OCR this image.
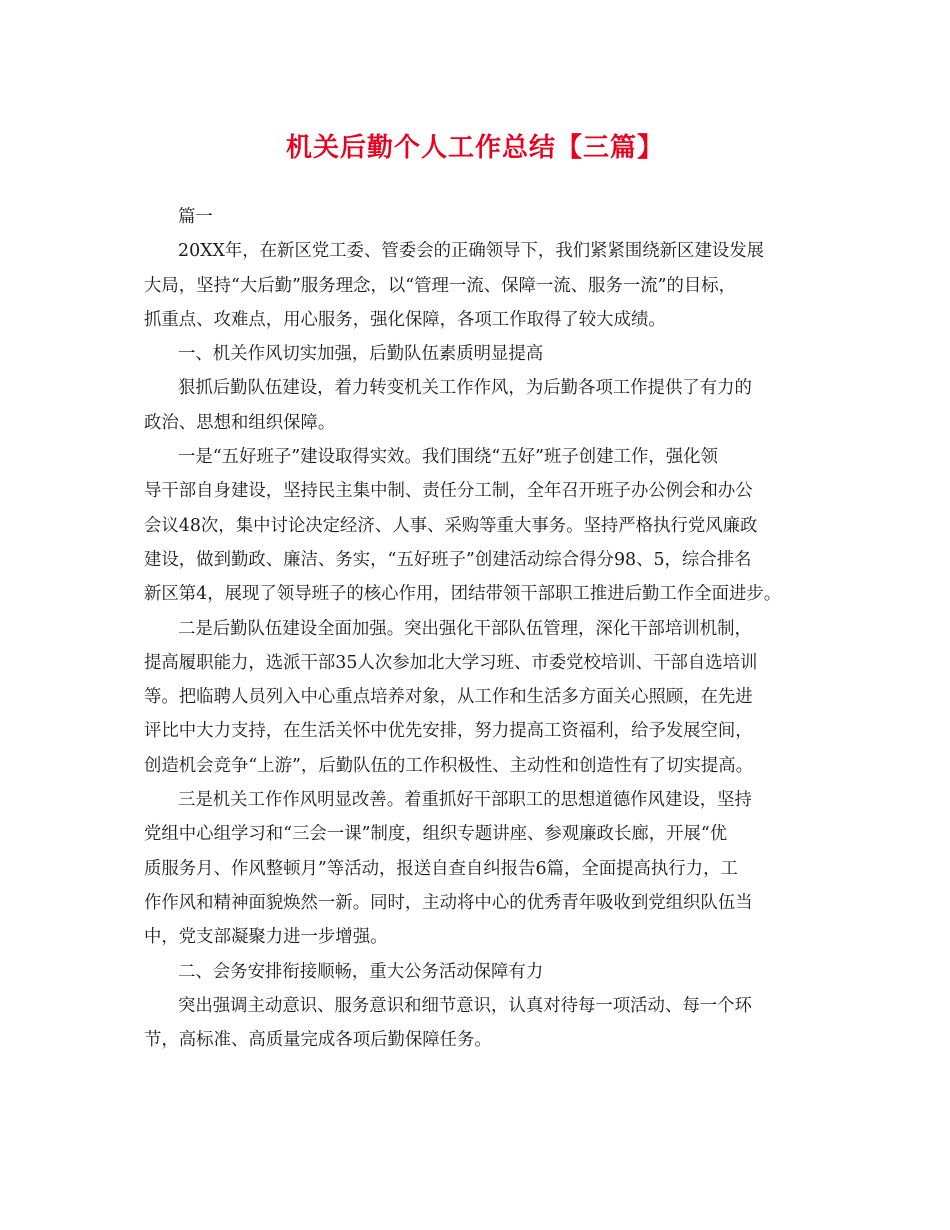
机关后勤个人工作总结【三篇】
篇一
20XX年，在新区党工委、管委会的正确领导下，我们紧紧围绕新区建设发展
大局，坚持“大后勤”服务理念，以“管理一流、保障一流、服务一流”的目标，
抓重点、攻难点，用心服务，强化保障，各项工作取得了较大成绩。
一、机关作风切实加强，后勤队伍素质明显提高
狠抓后勤队伍建设，着力转变机关工作作风，为后勤各项工作提供了有力的
政治、思想和组织保障。
一是“五好班子”建设取得实效。我们围绕“五好”班子创建工作，强化领
导干部自身建设，坚持民主集中制、责任分工制，全年召开班子办公例会和办公
会议48次，集中讨论决定经济、人事、采购等重大事务。坚持严格执行党风廉政
建设，做到勤政、廉洁、务实，“五好班子”创建活动综合得分98、5，综合排名
新区第4，展现了领导班子的核心作用，团结带领干部职工推进后勤工作全面进步。
二是后勤队伍建设全面加强。突出强化干部队伍管理，深化干部培训机制，
提高履职能力，选派干部35人次参加北大学习班、市委党校培训、干部自选培训
等。把临聘人员列入中心重点培养对象，从工作和生活多方面关心照顾，在先进
评比中大力支持，在生活关怀中优先安排，努力提高工资福利，给予发展空间，
创造机会竞争“上游”，后勤队伍的工作积极性、主动性和创造性有了切实提高。
三是机关工作作风明显改善。着重抓好干部职工的思想道德作风建设，坚持
党组中心组学习和“三会一课”制度，组织专题讲座、参观廉政长廊，开展“优
质服务月、作风整顿月”等活动，报送自查自纠报告6篇，全面提高执行力，工
作作风和精神面貌焕然一新。同时，主动将中心的优秀青年吸收到党组织队伍当
中，党支部凝聚力进一步增强。
二、会务安排衔接顺畅，重大公务活动保障有力
突出强调主动意识、服务意识和细节意识，认真对待每一项活动、每一个环
节，高标准、高质量完成各项后勤保障任务。
